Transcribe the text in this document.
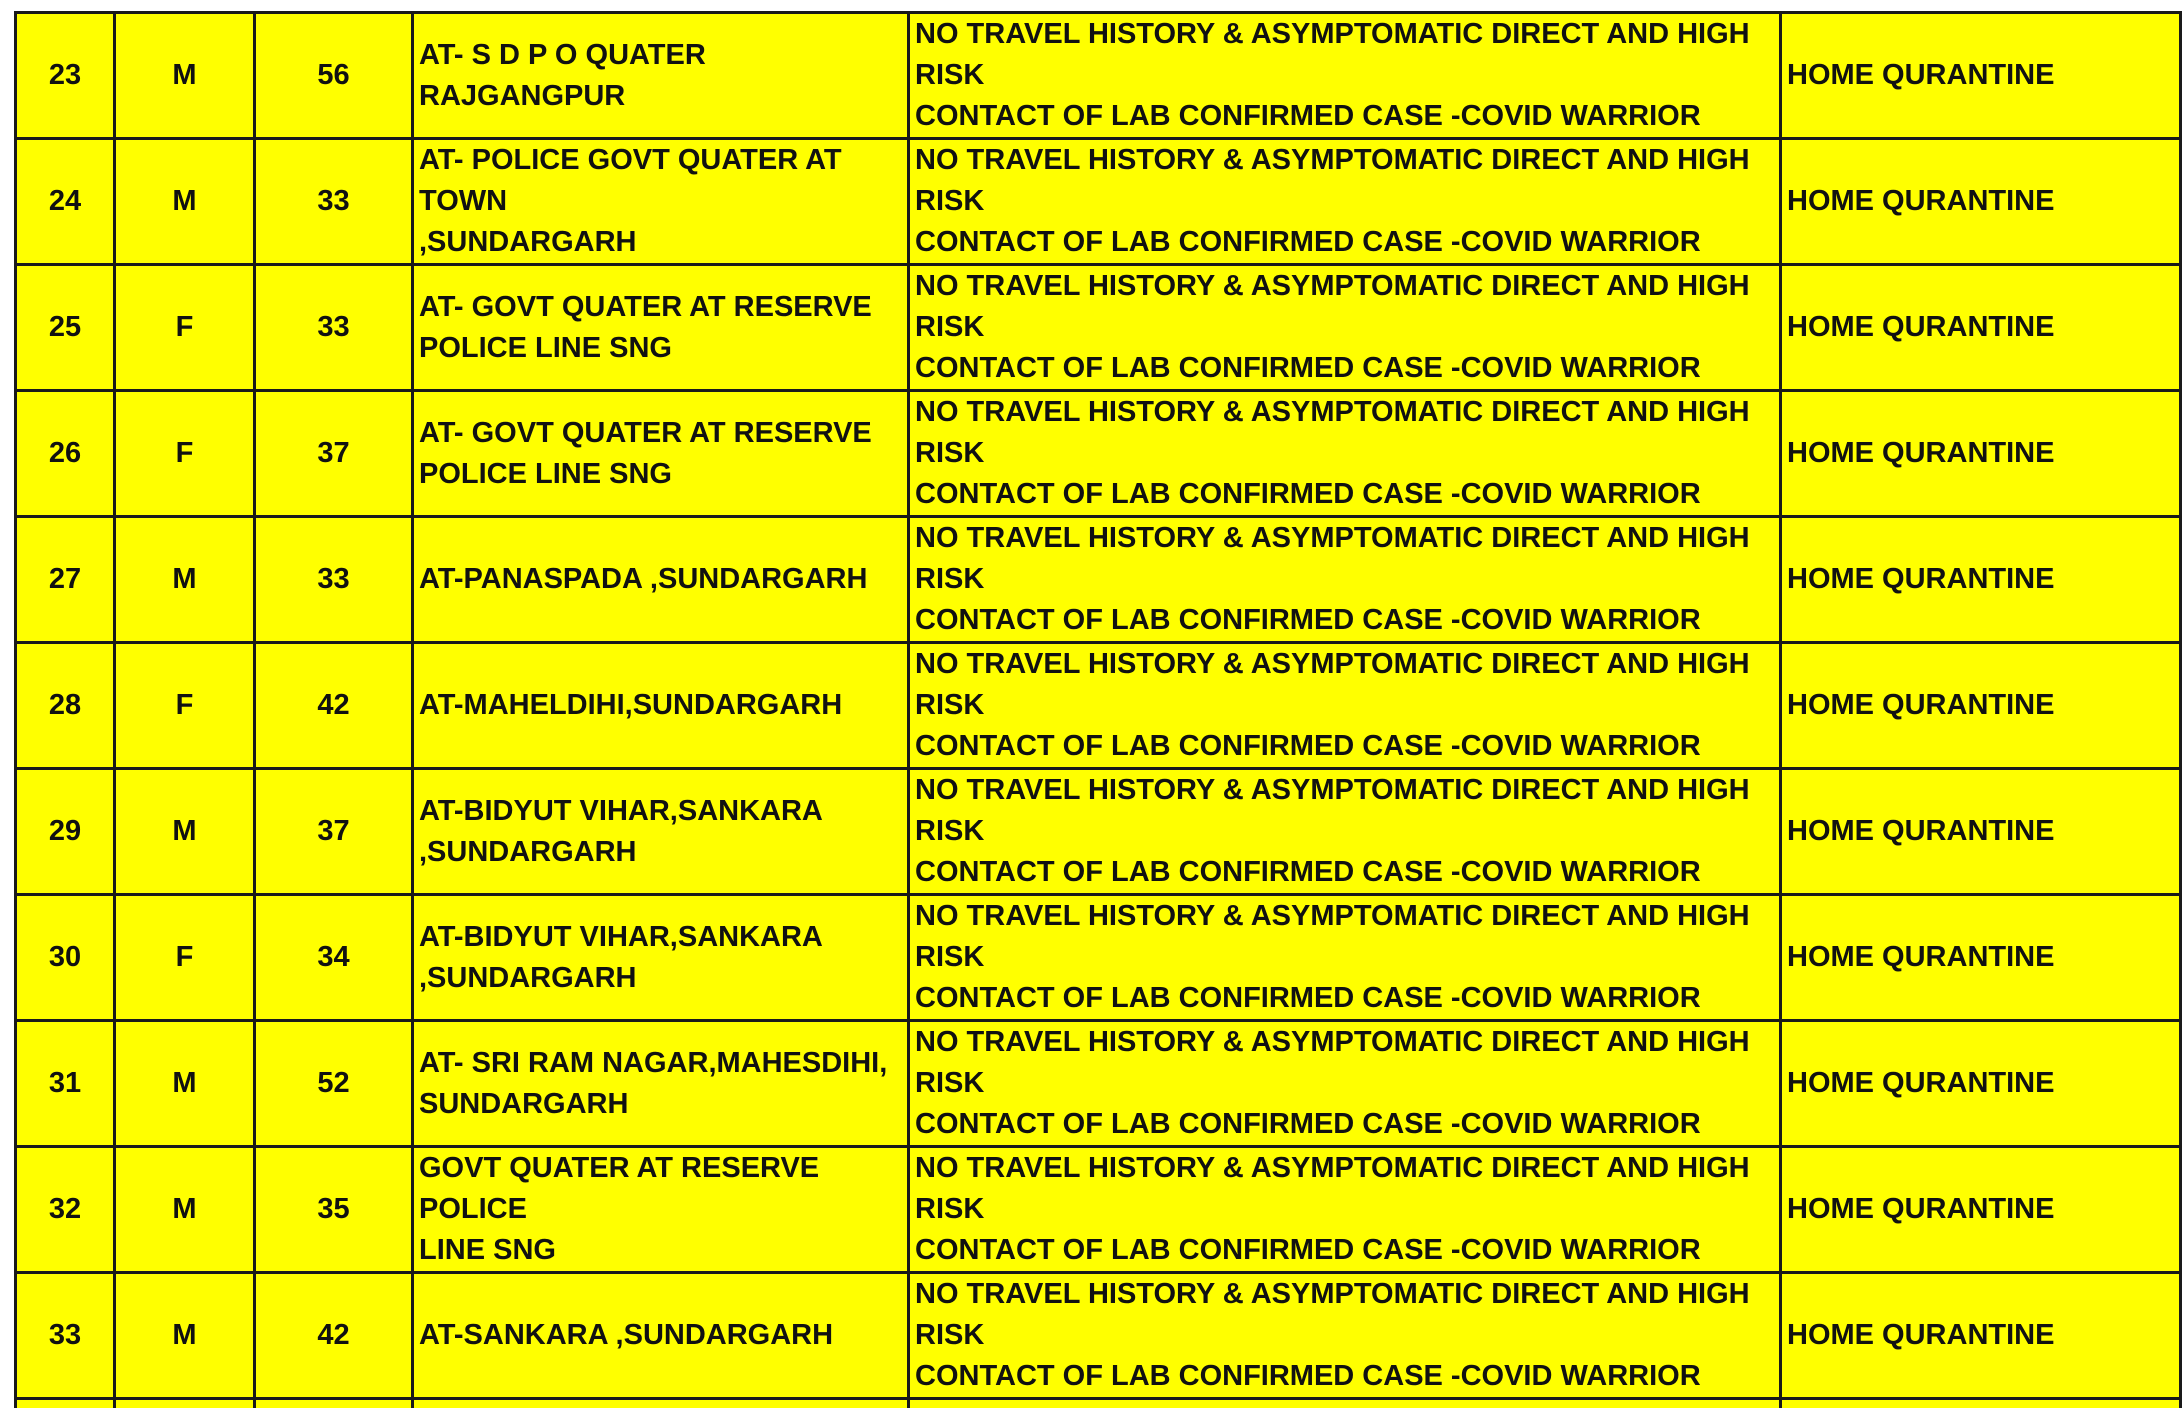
23	M	56	AT- S D P O QUATER RAJGANGPUR	NO TRAVEL HISTORY & ASYMPTOMATIC DIRECT AND HIGH RISK
CONTACT OF LAB CONFIRMED CASE -COVID WARRIOR	HOME QURANTINE
24	M	33	AT- POLICE GOVT QUATER AT TOWN
,SUNDARGARH	NO TRAVEL HISTORY & ASYMPTOMATIC DIRECT AND HIGH RISK
CONTACT OF LAB CONFIRMED CASE -COVID WARRIOR	HOME QURANTINE
25	F	33	AT- GOVT QUATER AT RESERVE
POLICE LINE SNG	NO TRAVEL HISTORY & ASYMPTOMATIC DIRECT AND HIGH RISK
CONTACT OF LAB CONFIRMED CASE -COVID WARRIOR	HOME QURANTINE
26	F	37	AT- GOVT QUATER AT RESERVE
POLICE LINE SNG	NO TRAVEL HISTORY & ASYMPTOMATIC DIRECT AND HIGH RISK
CONTACT OF LAB CONFIRMED CASE -COVID WARRIOR	HOME QURANTINE
27	M	33	AT-PANASPADA ,SUNDARGARH	NO TRAVEL HISTORY & ASYMPTOMATIC DIRECT AND HIGH RISK
CONTACT OF LAB CONFIRMED CASE -COVID WARRIOR	HOME QURANTINE
28	F	42	AT-MAHELDIHI,SUNDARGARH	NO TRAVEL HISTORY & ASYMPTOMATIC DIRECT AND HIGH RISK
CONTACT OF LAB CONFIRMED CASE -COVID WARRIOR	HOME QURANTINE
29	M	37	AT-BIDYUT VIHAR,SANKARA
,SUNDARGARH	NO TRAVEL HISTORY & ASYMPTOMATIC DIRECT AND HIGH RISK
CONTACT OF LAB CONFIRMED CASE -COVID WARRIOR	HOME QURANTINE
30	F	34	AT-BIDYUT VIHAR,SANKARA
,SUNDARGARH	NO TRAVEL HISTORY & ASYMPTOMATIC DIRECT AND HIGH RISK
CONTACT OF LAB CONFIRMED CASE -COVID WARRIOR	HOME QURANTINE
31	M	52	AT- SRI RAM NAGAR,MAHESDIHI,
SUNDARGARH	NO TRAVEL HISTORY & ASYMPTOMATIC DIRECT AND HIGH RISK
CONTACT OF LAB CONFIRMED CASE -COVID WARRIOR	HOME QURANTINE
32	M	35	GOVT QUATER AT RESERVE POLICE
LINE SNG	NO TRAVEL HISTORY & ASYMPTOMATIC DIRECT AND HIGH RISK
CONTACT OF LAB CONFIRMED CASE -COVID WARRIOR	HOME QURANTINE
33	M	42	AT-SANKARA ,SUNDARGARH	NO TRAVEL HISTORY & ASYMPTOMATIC DIRECT AND HIGH RISK
CONTACT OF LAB CONFIRMED CASE -COVID WARRIOR	HOME QURANTINE
